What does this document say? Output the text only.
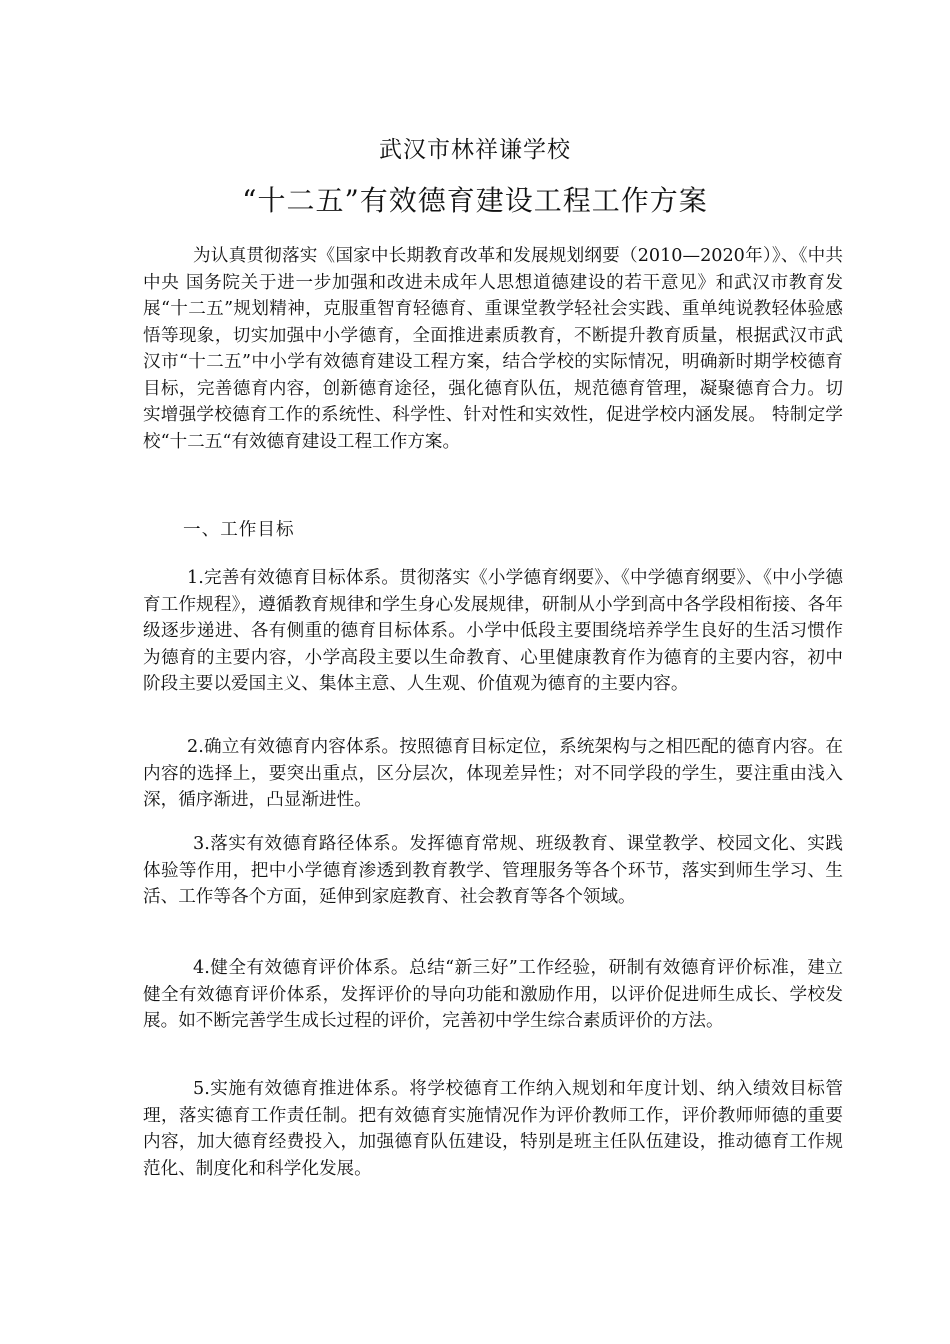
武汉市林祥谦学校
“十二五”有效德育建设工程工作方案

为认真贯彻落实《国家中长期教育改革和发展规划纲要（2010—2020年）》、《中共中央 国务院关于进一步加强和改进未成年人思想道德建设的若干意见》和武汉市教育发展“十二五”规划精神，克服重智育轻德育、重课堂教学轻社会实践、重单纯说教轻体验感悟等现象，切实加强中小学德育，全面推进素质教育，不断提升教育质量，根据武汉市武汉市“十二五”中小学有效德育建设工程方案，结合学校的实际情况，明确新时期学校德育目标，完善德育内容，创新德育途径，强化德育队伍，规范德育管理，凝聚德育合力。切实增强学校德育工作的系统性、科学性、针对性和实效性，促进学校内涵发展。 特制定学校“十二五“有效德育建设工程工作方案。

一、工作目标

1.完善有效德育目标体系。贯彻落实《小学德育纲要》、《中学德育纲要》、《中小学德育工作规程》，遵循教育规律和学生身心发展规律，研制从小学到高中各学段相衔接、各年级逐步递进、各有侧重的德育目标体系。小学中低段主要围绕培养学生良好的生活习惯作为德育的主要内容，小学高段主要以生命教育、心里健康教育作为德育的主要内容，初中阶段主要以爱国主义、集体主意、人生观、价值观为德育的主要内容。

2.确立有效德育内容体系。按照德育目标定位，系统架构与之相匹配的德育内容。在内容的选择上，要突出重点，区分层次，体现差异性；对不同学段的学生，要注重由浅入深，循序渐进，凸显渐进性。

3.落实有效德育路径体系。发挥德育常规、班级教育、课堂教学、校园文化、实践体验等作用，把中小学德育渗透到教育教学、管理服务等各个环节，落实到师生学习、生活、工作等各个方面，延伸到家庭教育、社会教育等各个领域。

4.健全有效德育评价体系。总结“新三好”工作经验，研制有效德育评价标准，建立健全有效德育评价体系，发挥评价的导向功能和激励作用，以评价促进师生成长、学校发展。如不断完善学生成长过程的评价，完善初中学生综合素质评价的方法。

5.实施有效德育推进体系。将学校德育工作纳入规划和年度计划、纳入绩效目标管理，落实德育工作责任制。把有效德育实施情况作为评价教师工作，评价教师师德的重要内容，加大德育经费投入，加强德育队伍建设，特别是班主任队伍建设，推动德育工作规范化、制度化和科学化发展。
